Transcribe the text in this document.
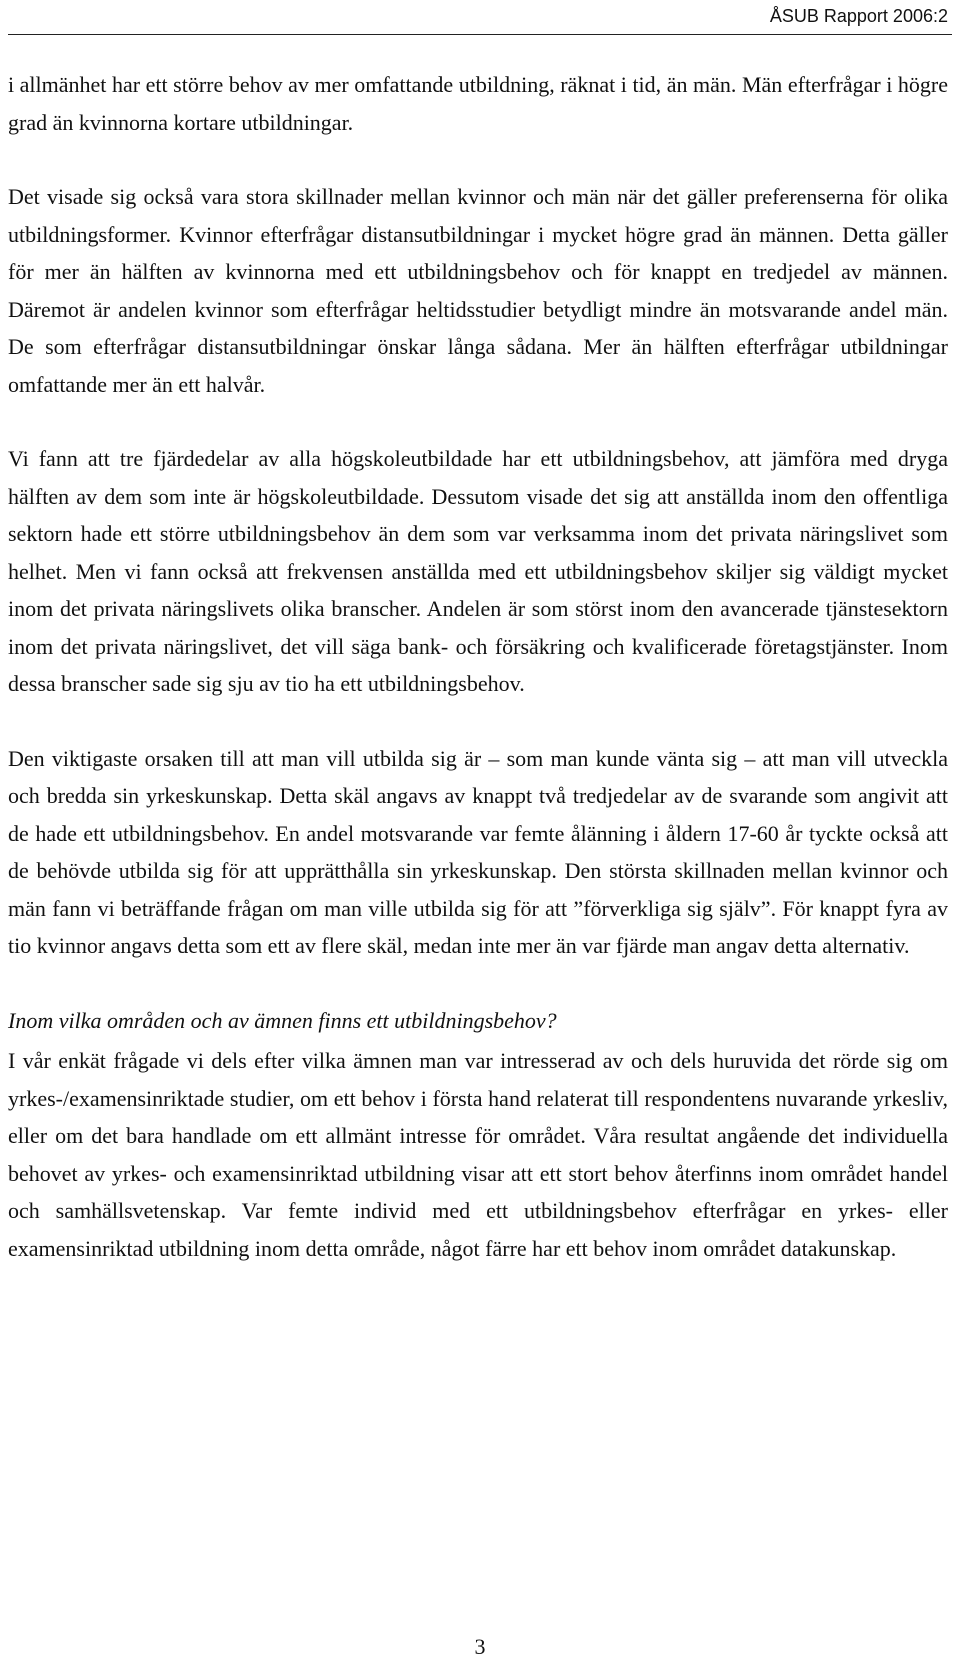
ÅSUB Rapport 2006:2

i allmänhet har ett större behov av mer omfattande utbildning, räknat i tid, än män. Män efterfrågar i högre grad än kvinnorna kortare utbildningar.

Det visade sig också vara stora skillnader mellan kvinnor och män när det gäller preferenserna för olika utbildningsformer. Kvinnor efterfrågar distansutbildningar i mycket högre grad än männen. Detta gäller för mer än hälften av kvinnorna med ett utbildningsbehov och för knappt en tredjedel av männen. Däremot är andelen kvinnor som efterfrågar heltidsstudier betydligt mindre än motsvarande andel män. De som efterfrågar distansutbildningar önskar långa sådana. Mer än hälften efterfrågar utbildningar omfattande mer än ett halvår.

Vi fann att tre fjärdedelar av alla högskoleutbildade har ett utbildningsbehov, att jämföra med dryga hälften av dem som inte är högskoleutbildade. Dessutom visade det sig att anställda inom den offentliga sektorn hade ett större utbildningsbehov än dem som var verksamma inom det privata näringslivet som helhet. Men vi fann också att frekvensen anställda med ett utbildningsbehov skiljer sig väldigt mycket inom det privata näringslivets olika branscher. Andelen är som störst inom den avancerade tjänstesektorn inom det privata näringslivet, det vill säga bank- och försäkring och kvalificerade företagstjänster. Inom dessa branscher sade sig sju av tio ha ett utbildningsbehov.

Den viktigaste orsaken till att man vill utbilda sig är – som man kunde vänta sig – att man vill utveckla och bredda sin yrkeskunskap. Detta skäl angavs av knappt två tredjedelar av de svarande som angivit att de hade ett utbildningsbehov. En andel motsvarande var femte ålänning i åldern 17-60 år tyckte också att de behövde utbilda sig för att upprätthålla sin yrkeskunskap. Den största skillnaden mellan kvinnor och män fann vi beträffande frågan om man ville utbilda sig för att ”förverkliga sig själv”. För knappt fyra av tio kvinnor angavs detta som ett av flere skäl, medan inte mer än var fjärde man angav detta alternativ.

Inom vilka områden och av ämnen finns ett utbildningsbehov?

I vår enkät frågade vi dels efter vilka ämnen man var intresserad av och dels huruvida det rörde sig om yrkes-/examensinriktade studier, om ett behov i första hand relaterat till respondentens nuvarande yrkesliv, eller om det bara handlade om ett allmänt intresse för området. Våra resultat angående det individuella behovet av yrkes- och examensinriktad utbildning visar att ett stort behov återfinns inom området handel och samhällsvetenskap. Var femte individ med ett utbildningsbehov efterfrågar en yrkes- eller examensinriktad utbildning inom detta område, något färre har ett behov inom området datakunskap.

3
